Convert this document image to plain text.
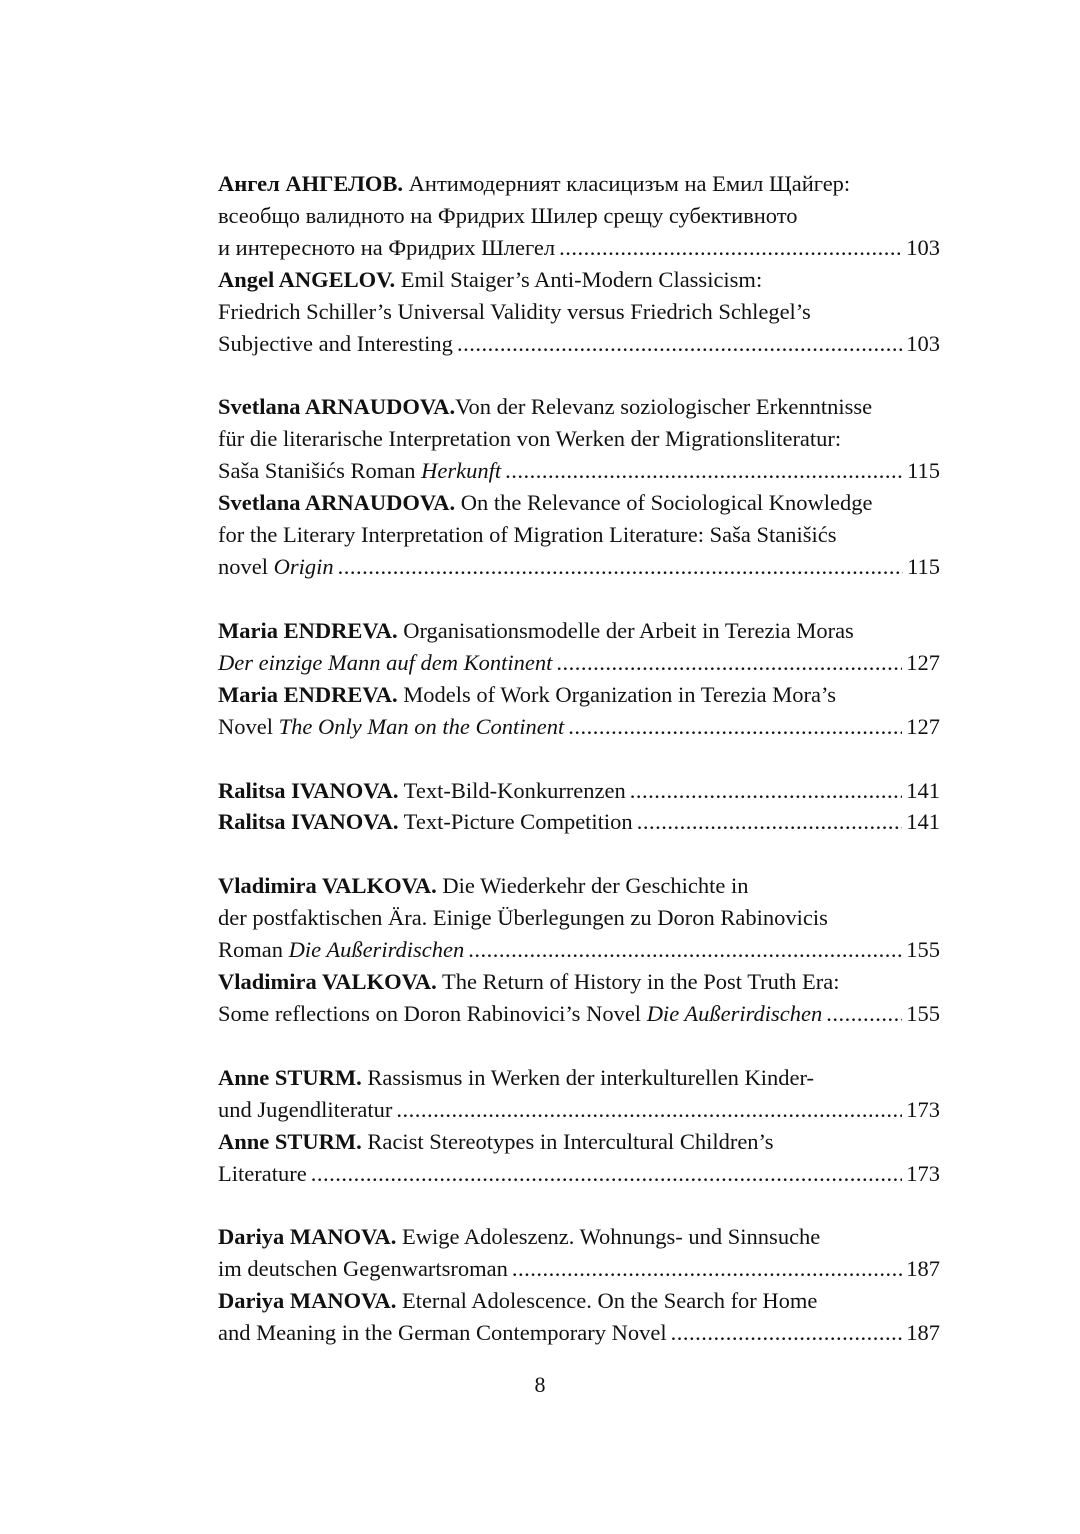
Ангел АНГЕЛОВ. Антимодерният класицизъм на Емил Щайгер:
всеобщо валидното на Фридрих Шилер срещу субективното
и интересното на Фридрих Шлегел .....	103
Angel ANGELOV. Emil Staiger’s Anti-Modern Classicism:
Friedrich Schiller’s Universal Validity versus Friedrich Schlegel’s
Subjective and Interesting .....	103
Svetlana ARNAUDOVA.Von der Relevanz soziologischer Erkenntnisse
für die literarische Interpretation von Werken der Migrationsliteratur:
Saša Stanišićs Roman Herkunft .....	115
Svetlana ARNAUDOVA. On the Relevance of Sociological Knowledge
for the Literary Interpretation of Migration Literature: Saša Stanišićs
novel Origin .....	115
Maria ENDREVA. Organisationsmodelle der Arbeit in Terezia Moras
Der einzige Mann auf dem Kontinent .....	127
Maria ENDREVA. Models of Work Organization in Terezia Mora’s
Novel The Only Man on the Continent .....	127
Ralitsa IVANOVA. Text-Bild-Konkurrenzen .....	141
Ralitsa IVANOVA. Text-Picture Competition .....	141
Vladimira VALKOVA. Die Wiederkehr der Geschichte in
der postfaktischen Ära. Einige Überlegungen zu Doron Rabinovicis
Roman Die Außerirdischen .....	155
Vladimira VALKOVA. The Return of History in the Post Truth Era:
Some reflections on Doron Rabinovici’s Novel Die Außerirdischen .....	155
Anne STURM. Rassismus in Werken der interkulturellen Kinder-
und Jugendliteratur .....	173
Anne STURM. Racist Stereotypes in Intercultural Children’s
Literature .....	173
Dariya MANOVA. Ewige Adoleszenz. Wohnungs- und Sinnsuche
im deutschen Gegenwartsroman .....	187
Dariya MANOVA. Eternal Adolescence. On the Search for Home
and Meaning in the German Contemporary Novel .....	187
8
